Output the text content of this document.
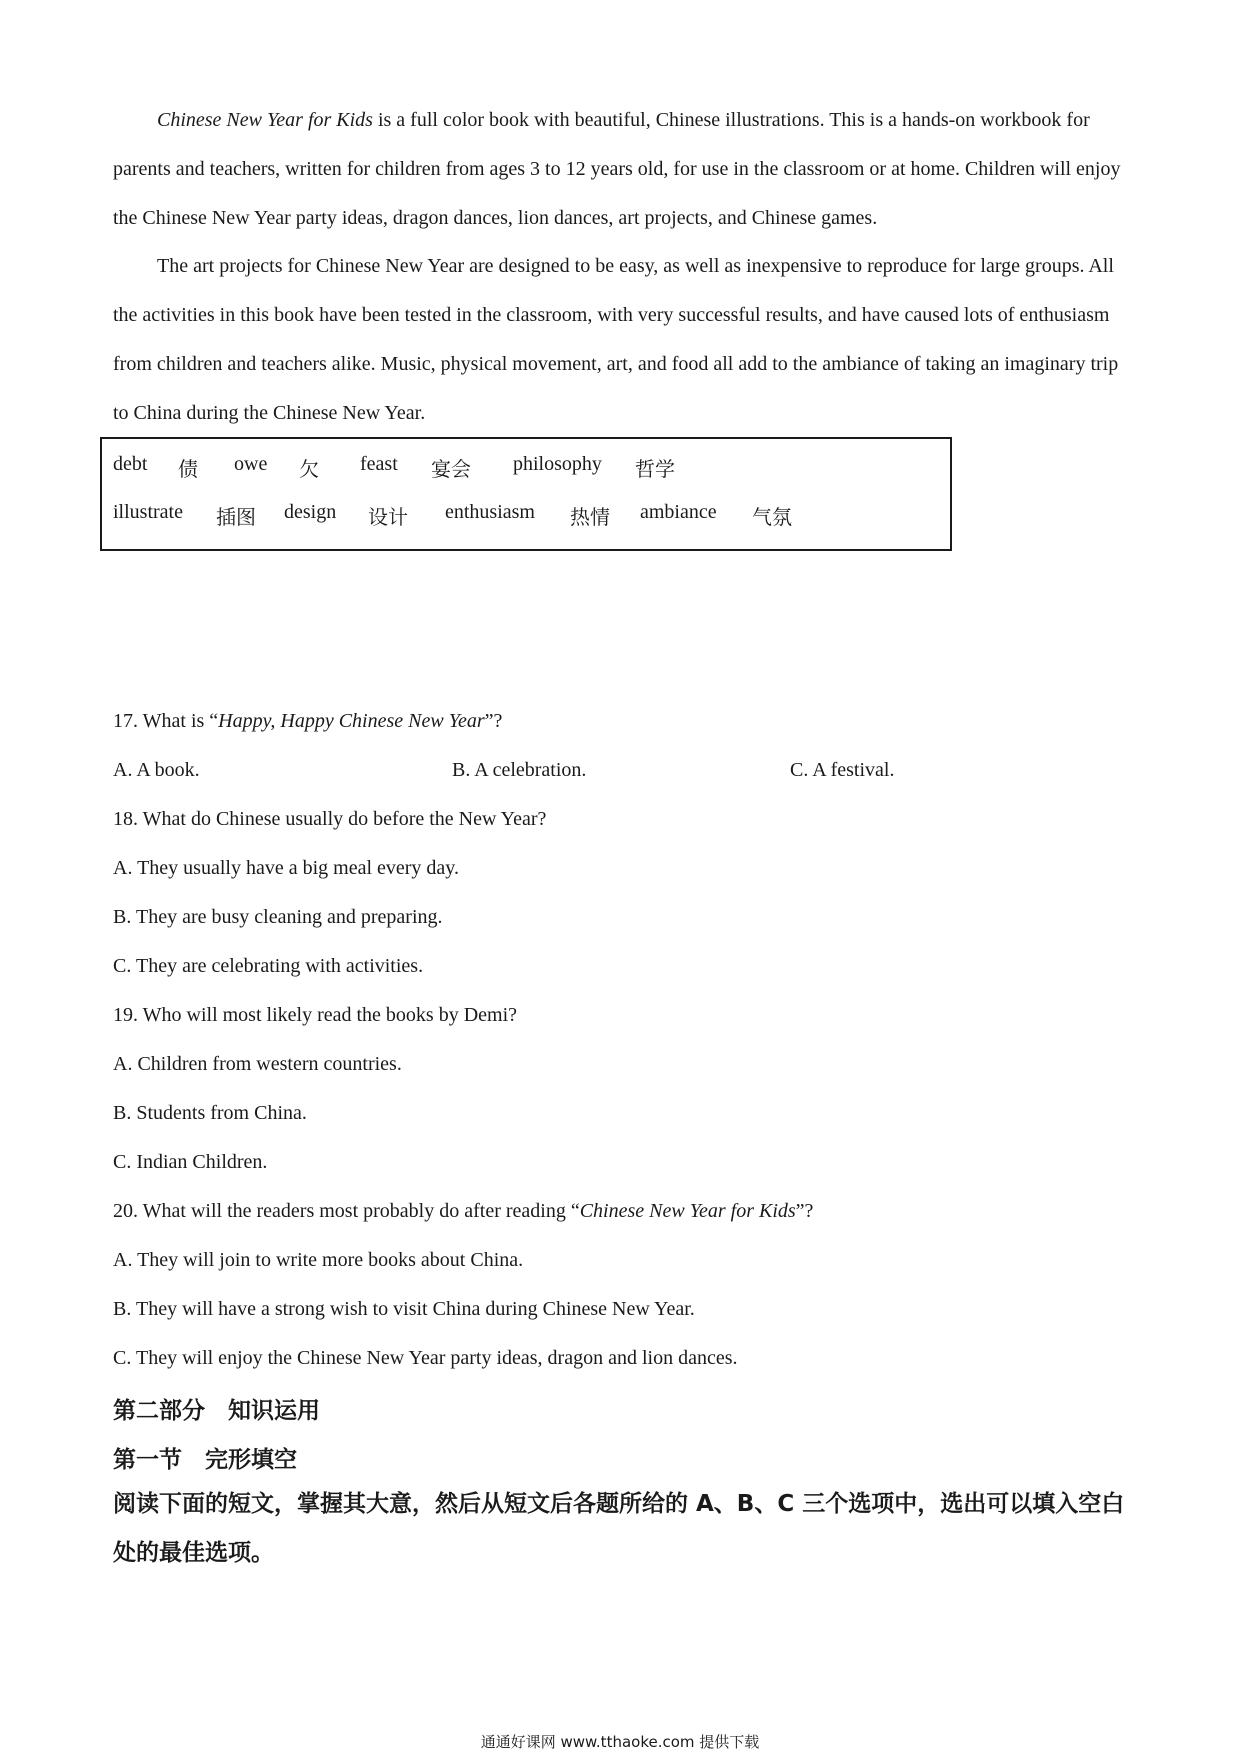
Chinese New Year for Kids is a full color book with beautiful, Chinese illustrations. This is a hands-on workbook for parents and teachers, written for children from ages 3 to 12 years old, for use in the classroom or at home. Children will enjoy the Chinese New Year party ideas, dragon dances, lion dances, art projects, and Chinese games.

The art projects for Chinese New Year are designed to be easy, as well as inexpensive to reproduce for large groups. All the activities in this book have been tested in the classroom, with very successful results, and have caused lots of enthusiasm from children and teachers alike. Music, physical movement, art, and food all add to the ambiance of taking an imaginary trip to China during the Chinese New Year.

debt 债 owe 欠 feast 宴会 philosophy 哲学
illustrate 插图 design 设计 enthusiasm 热情 ambiance 气氛

17. What is “Happy, Happy Chinese New Year”?

A. A book.	B. A celebration.	C. A festival.

18. What do Chinese usually do before the New Year?

A. They usually have a big meal every day.

B. They are busy cleaning and preparing.

C. They are celebrating with activities.

19. Who will most likely read the books by Demi?

A. Children from western countries.

B. Students from China.

C. Indian Children.

20. What will the readers most probably do after reading “Chinese New Year for Kids”?

A. They will join to write more books about China.

B. They will have a strong wish to visit China during Chinese New Year.

C. They will enjoy the Chinese New Year party ideas, dragon and lion dances.

第二部分　知识运用
第一节　完形填空

阅读下面的短文，掌握其大意，然后从短文后各题所给的 A、B、C 三个选项中，选出可以填入空白处的最佳选项。

通通好课网 www.tthaoke.com 提供下载
